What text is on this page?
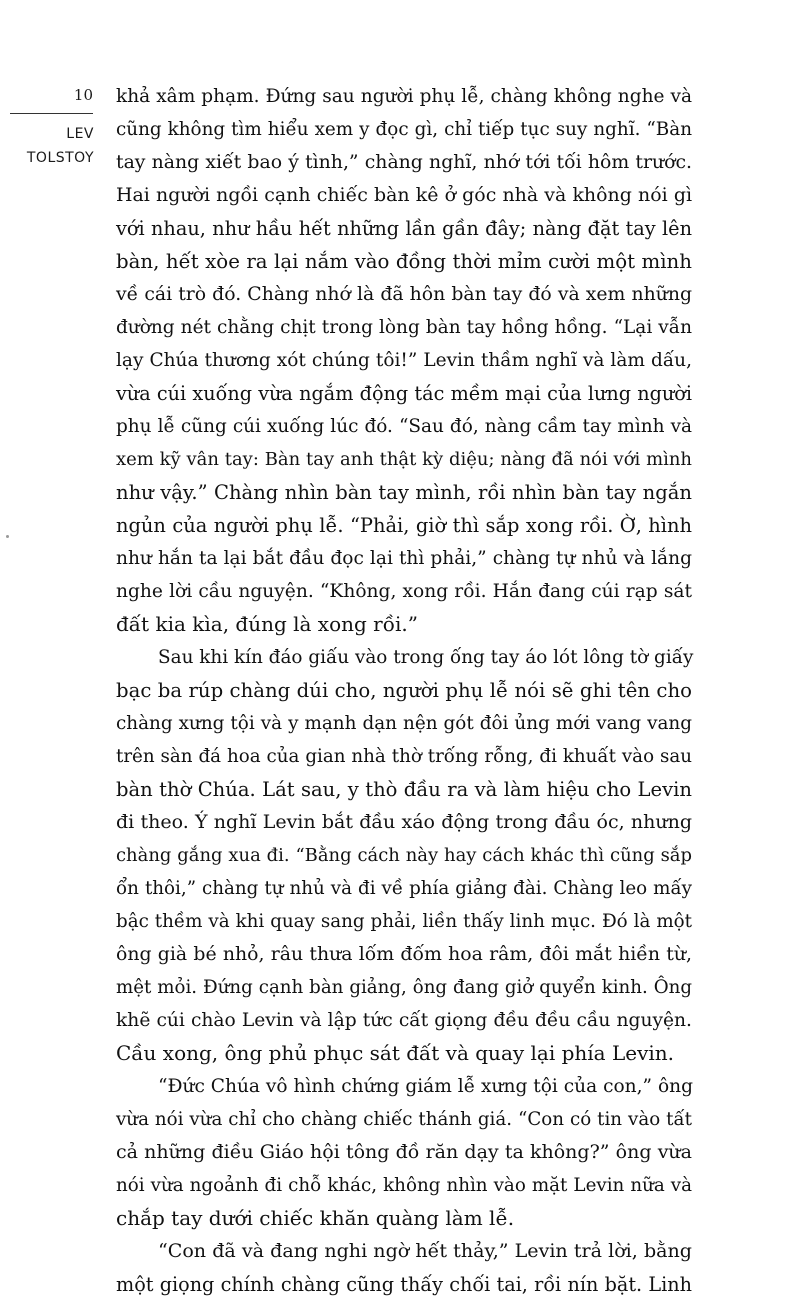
10
LEV
TOLSTOY
khả xâm phạm. Đứng sau người phụ lễ, chàng không nghe và
cũng không tìm hiểu xem y đọc gì, chỉ tiếp tục suy nghĩ. “Bàn
tay nàng xiết bao ý tình,” chàng nghĩ, nhớ tới tối hôm trước.
Hai người ngồi cạnh chiếc bàn kê ở góc nhà và không nói gì
với nhau, như hầu hết những lần gần đây; nàng đặt tay lên
bàn, hết xòe ra lại nắm vào đồng thời mỉm cười một mình
về cái trò đó. Chàng nhớ là đã hôn bàn tay đó và xem những
đường nét chằng chịt trong lòng bàn tay hồng hồng. “Lại vẫn
lạy Chúa thương xót chúng tôi!” Levin thầm nghĩ và làm dấu,
vừa cúi xuống vừa ngắm động tác mềm mại của lưng người
phụ lễ cũng cúi xuống lúc đó. “Sau đó, nàng cầm tay mình và
xem kỹ vân tay: Bàn tay anh thật kỳ diệu; nàng đã nói với mình
như vậy.” Chàng nhìn bàn tay mình, rồi nhìn bàn tay ngắn
ngủn của người phụ lễ. “Phải, giờ thì sắp xong rồi. Ờ, hình
như hắn ta lại bắt đầu đọc lại thì phải,” chàng tự nhủ và lắng
nghe lời cầu nguyện. “Không, xong rồi. Hắn đang cúi rạp sát
đất kia kìa, đúng là xong rồi.”
Sau khi kín đáo giấu vào trong ống tay áo lót lông tờ giấy
bạc ba rúp chàng dúi cho, người phụ lễ nói sẽ ghi tên cho
chàng xưng tội và y mạnh dạn nện gót đôi ủng mới vang vang
trên sàn đá hoa của gian nhà thờ trống rỗng, đi khuất vào sau
bàn thờ Chúa. Lát sau, y thò đầu ra và làm hiệu cho Levin
đi theo. Ý nghĩ Levin bắt đầu xáo động trong đầu óc, nhưng
chàng gắng xua đi. “Bằng cách này hay cách khác thì cũng sắp
ổn thôi,” chàng tự nhủ và đi về phía giảng đài. Chàng leo mấy
bậc thềm và khi quay sang phải, liền thấy linh mục. Đó là một
ông già bé nhỏ, râu thưa lốm đốm hoa râm, đôi mắt hiền từ,
mệt mỏi. Đứng cạnh bàn giảng, ông đang giở quyển kinh. Ông
khẽ cúi chào Levin và lập tức cất giọng đều đều cầu nguyện.
Cầu xong, ông phủ phục sát đất và quay lại phía Levin.
“Đức Chúa vô hình chứng giám lễ xưng tội của con,” ông
vừa nói vừa chỉ cho chàng chiếc thánh giá. “Con có tin vào tất
cả những điều Giáo hội tông đồ răn dạy ta không?” ông vừa
nói vừa ngoảnh đi chỗ khác, không nhìn vào mặt Levin nữa và
chắp tay dưới chiếc khăn quàng làm lễ.
“Con đã và đang nghi ngờ hết thảy,” Levin trả lời, bằng
một giọng chính chàng cũng thấy chối tai, rồi nín bặt. Linh
